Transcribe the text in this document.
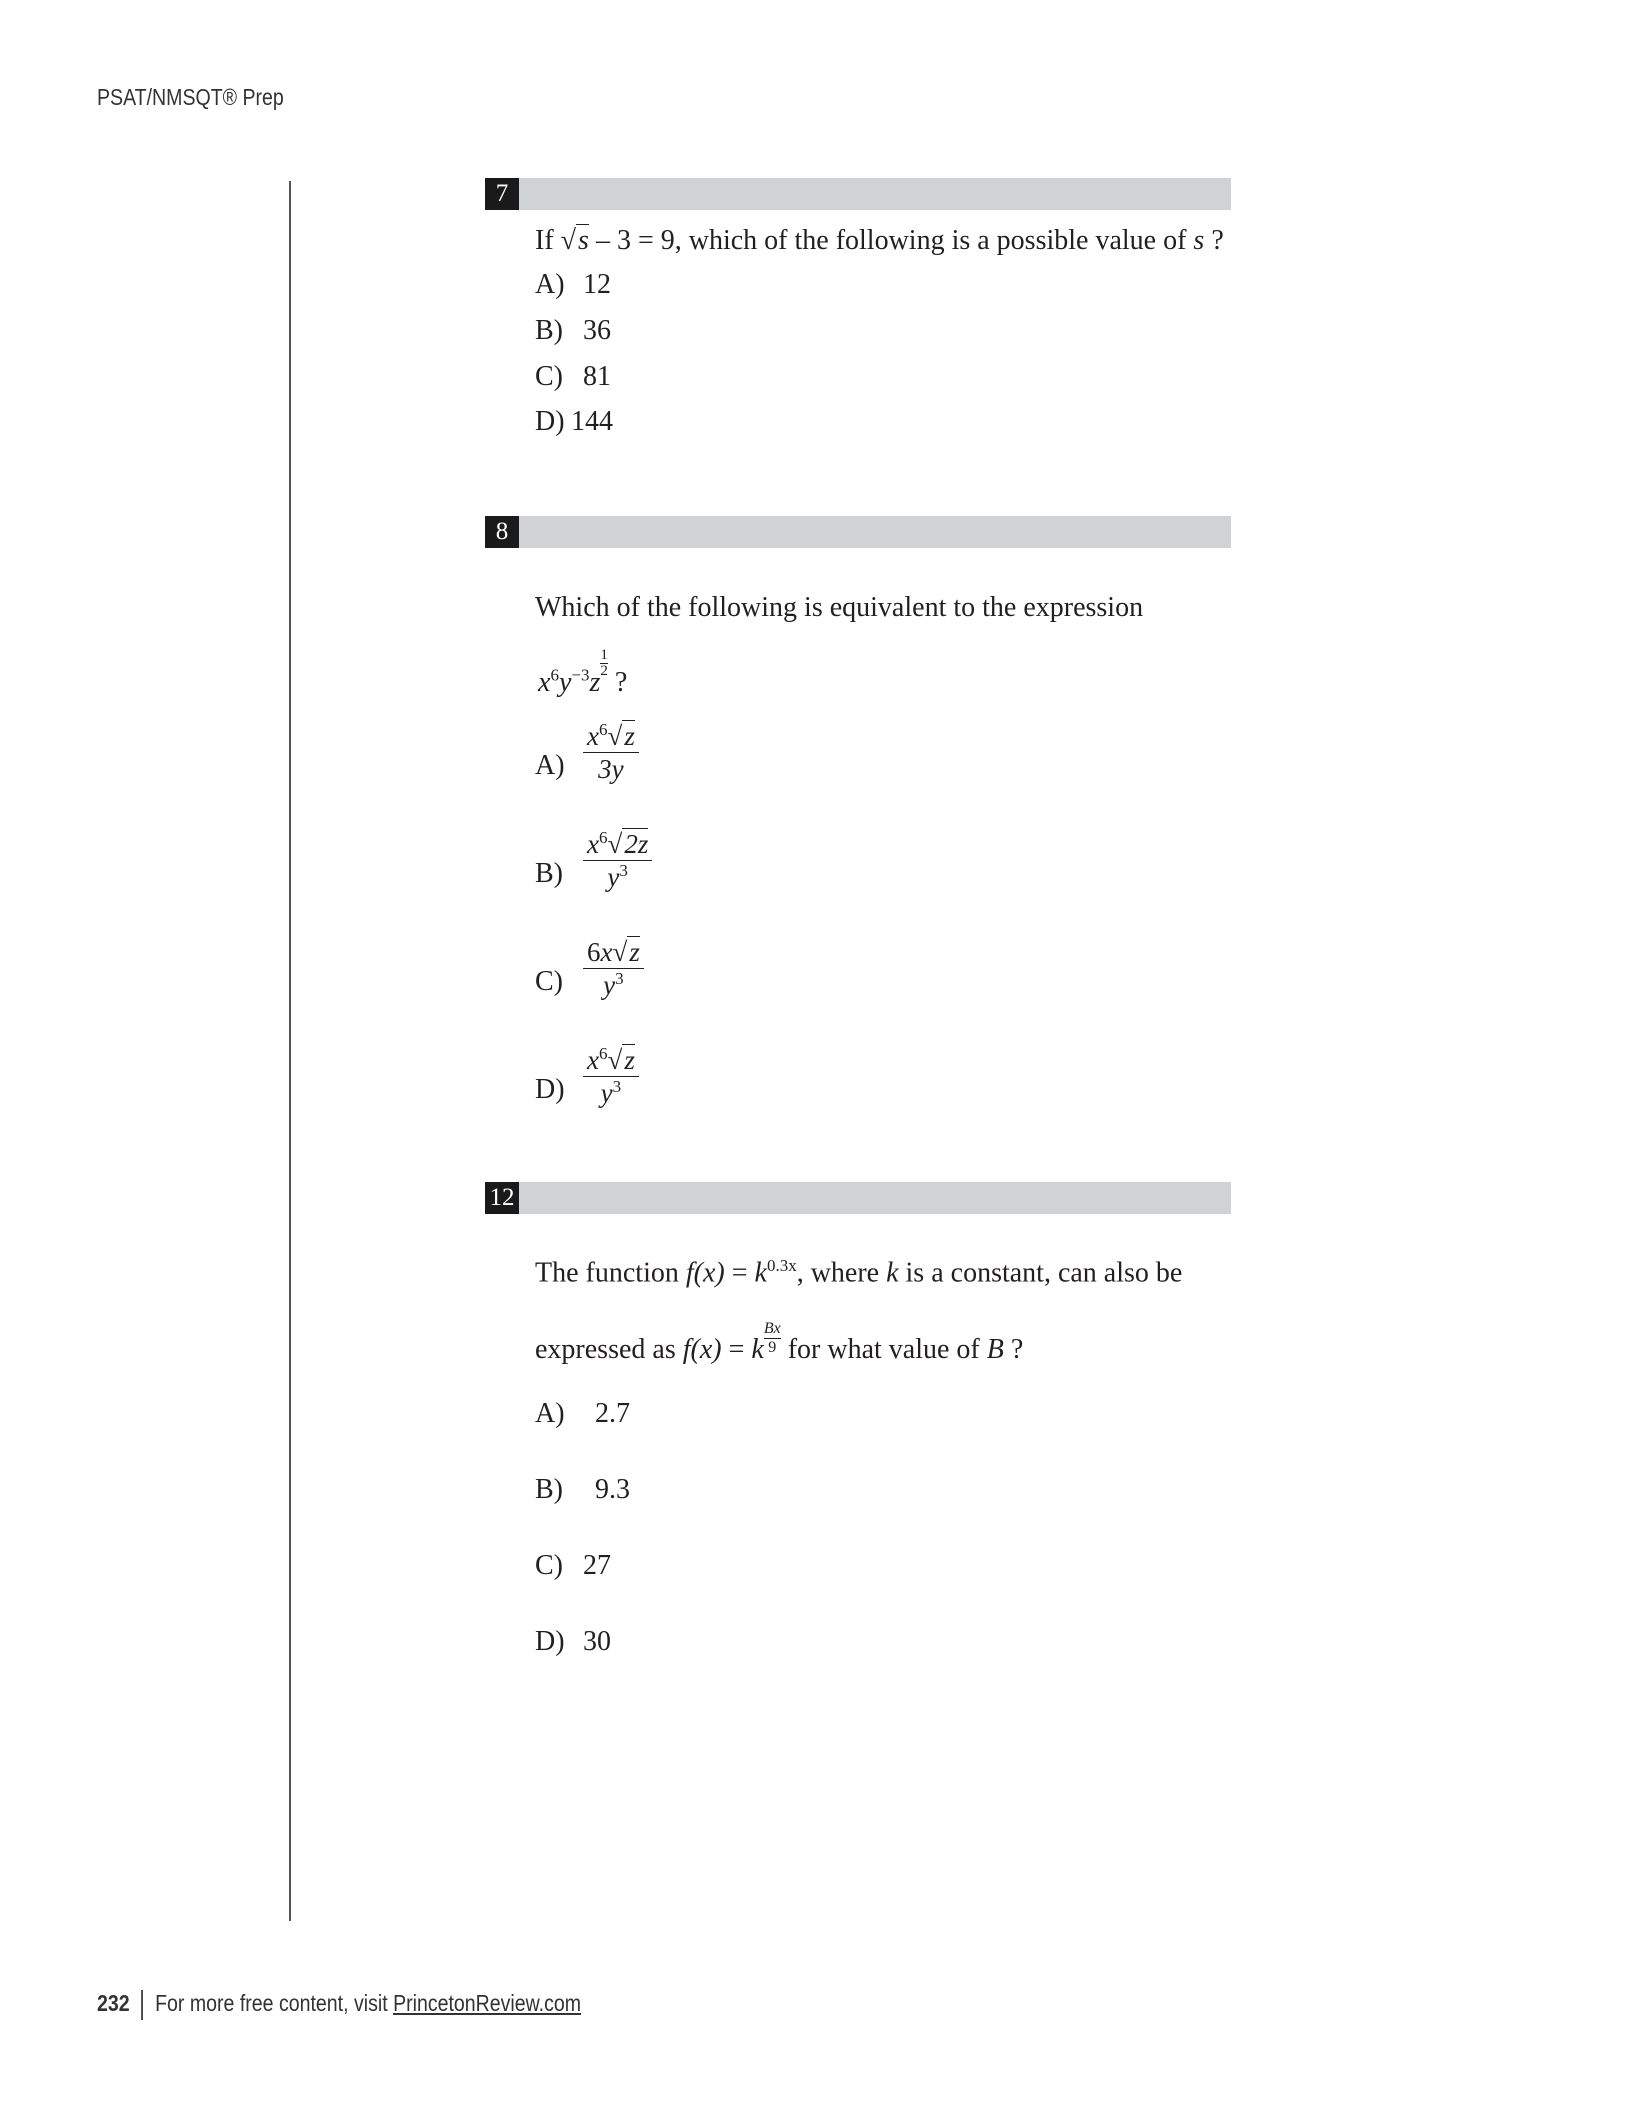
PSAT/NMSQT® Prep
7
If √s – 3 = 9, which of the following is a possible value of s ?
A) 12
B) 36
C) 81
D) 144
8
Which of the following is equivalent to the expression
$x^6y^{-3}z$
$^{\frac{1}{2}}$
?
$A) \frac{x^6√z}{3y}$
$B) \frac{x^6√2z}{y^3}$
$C) \frac{6x√z}{y^3}$
$D) \frac{x^6√z}{y^3}$
12
The function $f(x) = k^{0.3x}$, where k is a constant, can also be
expressed as f(x) = k $^{\frac{Bx}{9}}$ for what value of B ?
A) 2.7
B) 9.3
C) 27
D) 30
232 For more free content, visit PrincetonReview.com
